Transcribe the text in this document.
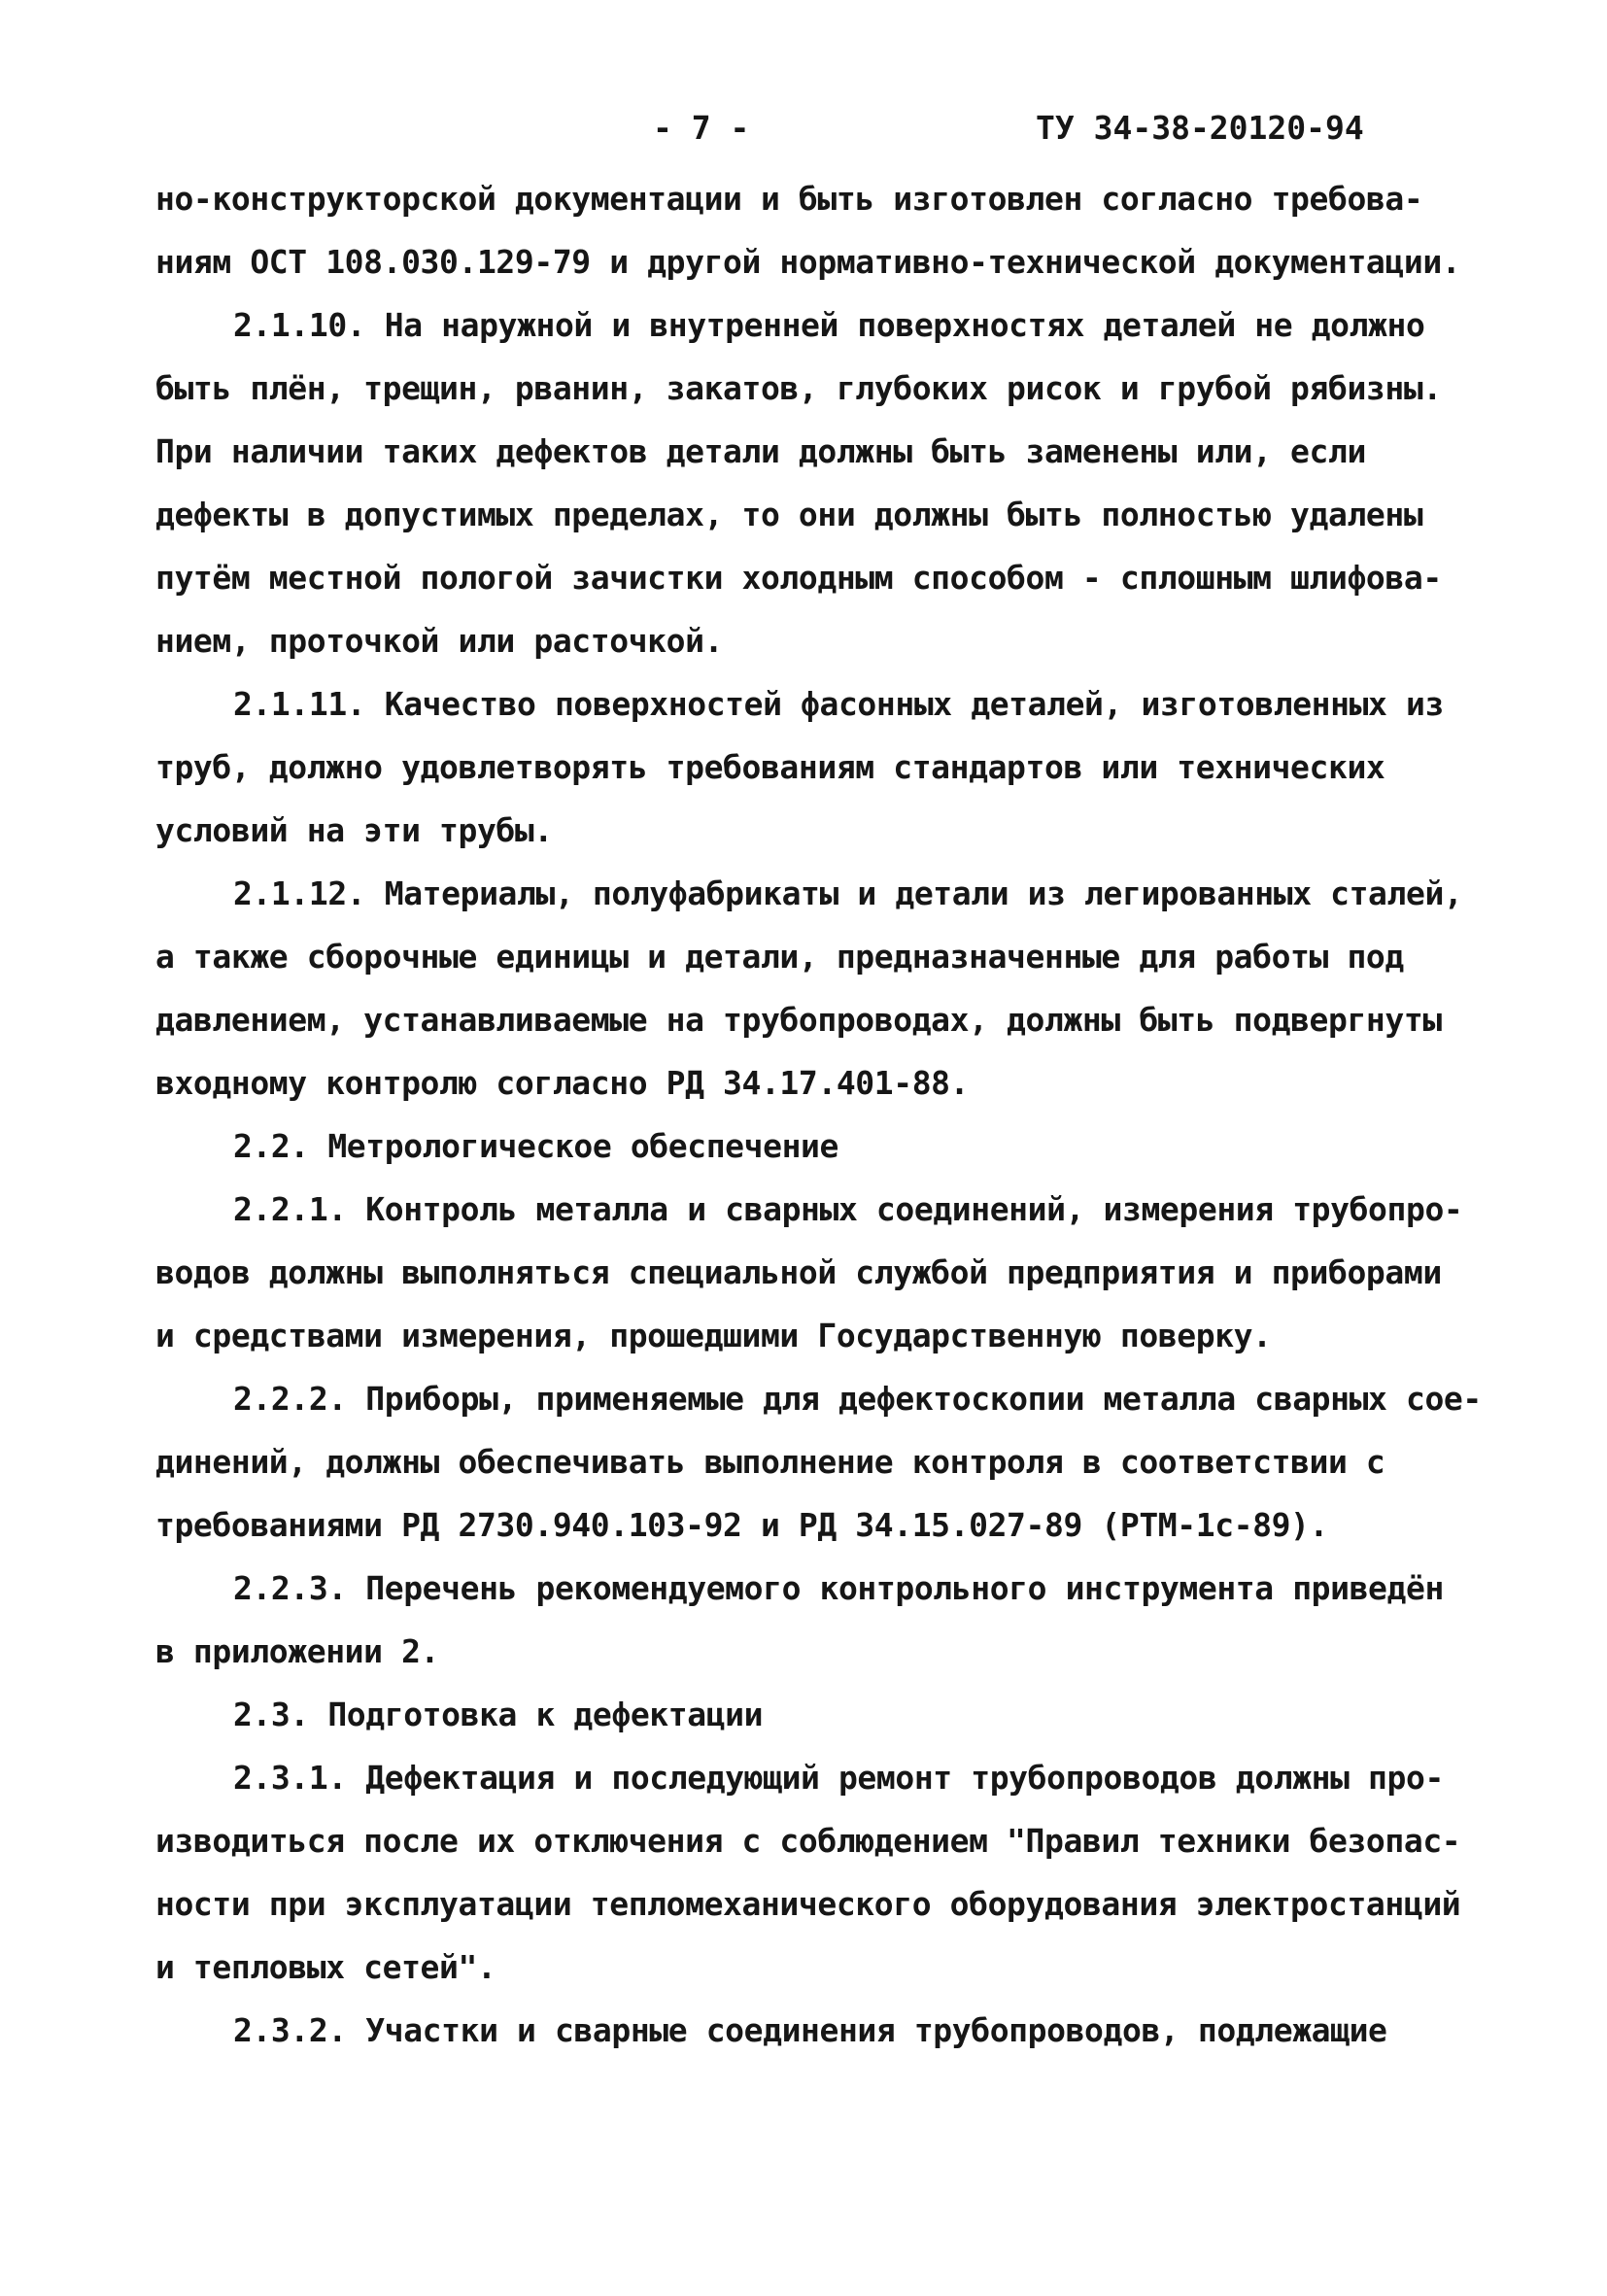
- 7 -	ТУ 34-38-20120-94
но-конструкторской документации и быть изготовлен согласно требова-
ниям ОСТ 108.030.129-79 и другой нормативно-технической документации.
2.1.10. На наружной и внутренней поверхностях деталей не должно
быть плён, трещин, рванин, закатов, глубоких рисок и грубой рябизны.
При наличии таких дефектов детали должны быть заменены или, если
дефекты в допустимых пределах, то они должны быть полностью удалены
путём местной пологой зачистки холодным способом - сплошным шлифова-
нием, проточкой или расточкой.
2.1.11. Качество поверхностей фасонных деталей, изготовленных из
труб, должно удовлетворять требованиям стандартов или технических
условий на эти трубы.
2.1.12. Материалы, полуфабрикаты и детали из легированных сталей,
а также сборочные единицы и детали, предназначенные для работы под
давлением, устанавливаемые на трубопроводах, должны быть подвергнуты
входному контролю согласно РД 34.17.401-88.
2.2. Метрологическое обеспечение
2.2.1. Контроль металла и сварных соединений, измерения трубопро-
водов должны выполняться специальной службой предприятия и приборами
и средствами измерения, прошедшими Государственную поверку.
2.2.2. Приборы, применяемые для дефектоскопии металла сварных сое-
динений, должны обеспечивать выполнение контроля в соответствии с
требованиями РД 2730.940.103-92 и РД 34.15.027-89 (РТМ-1с-89).
2.2.3. Перечень рекомендуемого контрольного инструмента приведён
в приложении 2.
2.3. Подготовка к дефектации
2.3.1. Дефектация и последующий ремонт трубопроводов должны про-
изводиться после их отключения с соблюдением "Правил техники безопас-
ности при эксплуатации тепломеханического оборудования электростанций
и тепловых сетей".
2.3.2. Участки и сварные соединения трубопроводов, подлежащие
